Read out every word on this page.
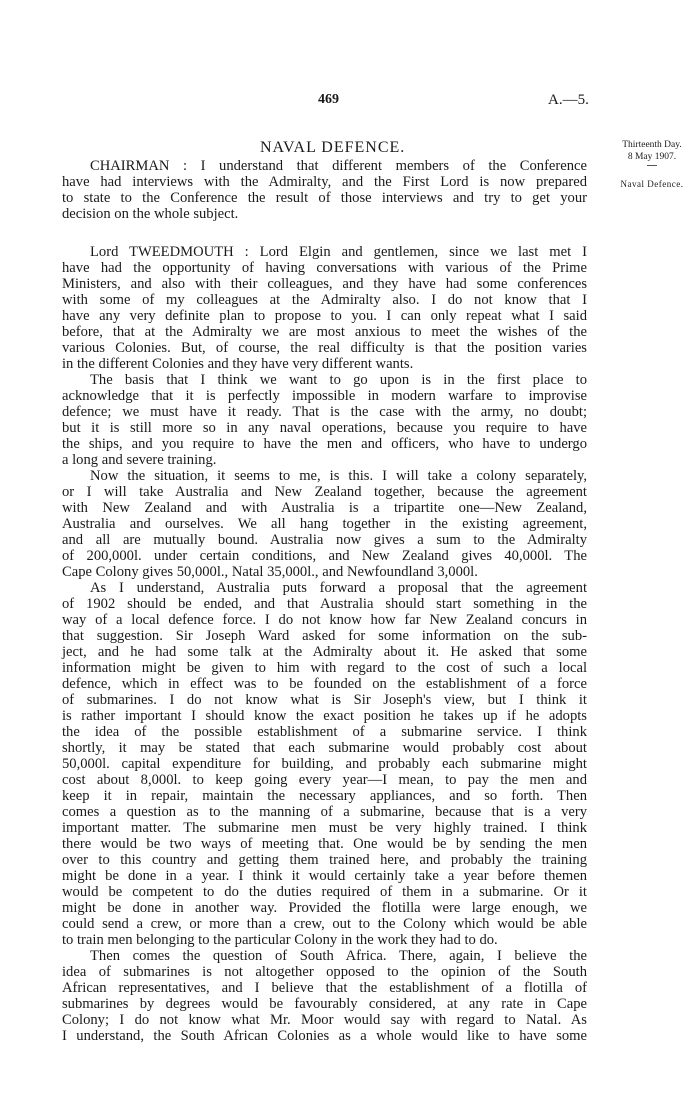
469	A.—5.
NAVAL DEFENCE.	Thirteenth Day.
8 May 1907.
Naval Defence.
CHAIRMAN : I understand that different members of the Conference
have had interviews with the Admiralty, and the First Lord is now prepared
to state to the Conference the result of those interviews and try to get your
decision on the whole subject.
Lord TWEEDMOUTH : Lord Elgin and gentlemen, since we last met I
have had the opportunity of having conversations with various of the Prime
Ministers, and also with their colleagues, and they have had some conferences
with some of my colleagues at the Admiralty also. I do not know that I
have any very definite plan to propose to you. I can only repeat what I said
before, that at the Admiralty we are most anxious to meet the wishes of the
various Colonies. But, of course, the real difficulty is that the position varies
in the different Colonies and they have very different wants.
The basis that I think we want to go upon is in the first place to
acknowledge that it is perfectly impossible in modern warfare to improvise
defence; we must have it ready. That is the case with the army, no doubt;
but it is still more so in any naval operations, because you require to have
the ships, and you require to have the men and officers, who have to undergo
a long and severe training.
Now the situation, it seems to me, is this. I will take a colony separately,
or I will take Australia and New Zealand together, because the agreement
with New Zealand and with Australia is a tripartite one—New Zealand,
Australia and ourselves. We all hang together in the existing agreement,
and all are mutually bound. Australia now gives a sum to the Admiralty
of 200,000l. under certain conditions, and New Zealand gives 40,000l. The
Cape Colony gives 50,000l., Natal 35,000l., and Newfoundland 3,000l.
As I understand, Australia puts forward a proposal that the agreement
of 1902 should be ended, and that Australia should start something in the
way of a local defence force. I do not know how far New Zealand concurs in
that suggestion. Sir Joseph Ward asked for some information on the sub-
ject, and he had some talk at the Admiralty about it. He asked that some
information might be given to him with regard to the cost of such a local
defence, which in effect was to be founded on the establishment of a force
of submarines. I do not know what is Sir Joseph's view, but I think it
is rather important I should know the exact position he takes up if he adopts
the idea of the possible establishment of a submarine service. I think
shortly, it may be stated that each submarine would probably cost about
50,000l. capital expenditure for building, and probably each submarine might
cost about 8,000l. to keep going every year—I mean, to pay the men and
keep it in repair, maintain the necessary appliances, and so forth. Then
comes a question as to the manning of a submarine, because that is a very
important matter. The submarine men must be very highly trained. I think
there would be two ways of meeting that. One would be by sending the men
over to this country and getting them trained here, and probably the training
might be done in a year. I think it would certainly take a year before themen
would be competent to do the duties required of them in a submarine. Or it
might be done in another way. Provided the flotilla were large enough, we
could send a crew, or more than a crew, out to the Colony which would be able
to train men belonging to the particular Colony in the work they had to do.
Then comes the question of South Africa. There, again, I believe the
idea of submarines is not altogether opposed to the opinion of the South
African representatives, and I believe that the establishment of a flotilla of
submarines by degrees would be favourably considered, at any rate in Cape
Colony; I do not know what Mr. Moor would say with regard to Natal. As
I understand, the South African Colonies as a whole would like to have some
